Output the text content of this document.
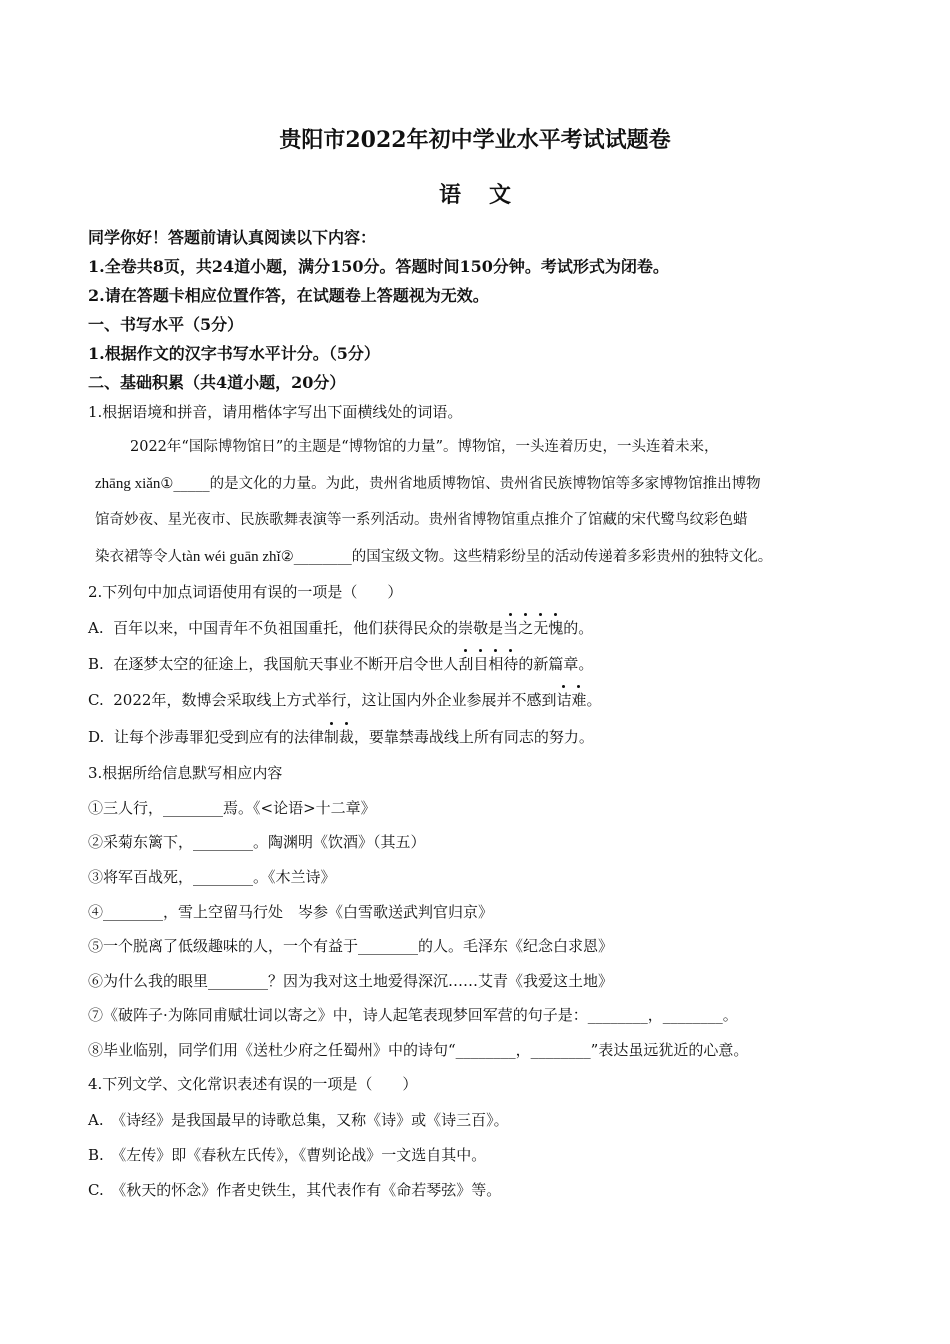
贵阳市2022年初中学业水平考试试题卷
语文
同学你好！答题前请认真阅读以下内容：
1.全卷共8页，共24道小题，满分150分。答题时间150分钟。考试形式为闭卷。
2.请在答题卡相应位置作答，在试题卷上答题视为无效。
一、书写水平（5分）
1.根据作文的汉字书写水平计分。（5分）
二、基础积累（共4道小题，20分）
1.根据语境和拼音，请用楷体字写出下面横线处的词语。
2022年“国际博物馆日”的主题是“博物馆的力量”。博物馆，一头连着历史，一头连着未来，
zhāng xiǎn①_____的是文化的力量。为此，贵州省地质博物馆、贵州省民族博物馆等多家博物馆推出博物
馆奇妙夜、星光夜市、民族歌舞表演等一系列活动。贵州省博物馆重点推介了馆藏的宋代鹭鸟纹彩色蜡
染衣裙等令人tàn wéi guān zhǐ②________的国宝级文物。这些精彩纷呈的活动传递着多彩贵州的独特文化。
2.下列句中加点词语使用有误的一项是（　　）
A. 百年以来，中国青年不负祖国重托，他们获得民众的崇敬是当之无愧的。
B. 在逐梦太空的征途上，我国航天事业不断开启令世人刮目相待的新篇章。
C. 2022年，数博会采取线上方式举行，这让国内外企业参展并不感到诘难。
D. 让每个涉毒罪犯受到应有的法律制裁，要靠禁毒战线上所有同志的努力。
3.根据所给信息默写相应内容
①三人行，________焉。《<论语>十二章》
②采菊东篱下，________。陶渊明《饮酒》（其五）
③将军百战死，________。《木兰诗》
④________，雪上空留马行处　岑参《白雪歌送武判官归京》
⑤一个脱离了低级趣味的人，一个有益于________的人。毛泽东《纪念白求恩》
⑥为什么我的眼里________？因为我对这土地爱得深沉……艾青《我爱这土地》
⑦《破阵子·为陈同甫赋壮词以寄之》中，诗人起笔表现梦回军营的句子是：________，________。
⑧毕业临别，同学们用《送杜少府之任蜀州》中的诗句“________，________”表达虽远犹近的心意。
4.下列文学、文化常识表述有误的一项是（　　）
A.　《诗经》是我国最早的诗歌总集，又称《诗》或《诗三百》。
B.　《左传》即《春秋左氏传》，《曹刿论战》一文选自其中。
C.　《秋天的怀念》作者史铁生，其代表作有《命若琴弦》等。
